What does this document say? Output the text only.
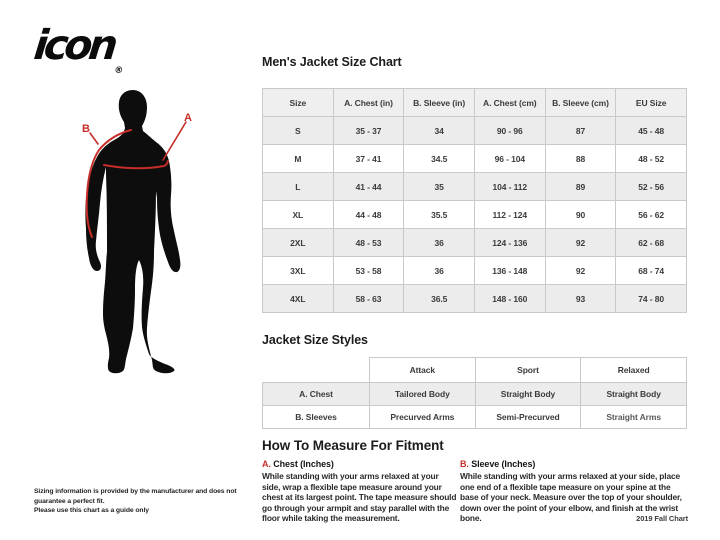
icon$_®$
A
B
Men's Jacket Size Chart
Size	A. Chest (in)	B. Sleeve (in)	A. Chest (cm)	B. Sleeve (cm)	EU Size
S	35 - 37	34	90 - 96	87	45 - 48
M	37 - 41	34.5	96 - 104	88	48 - 52
L	41 - 44	35	104 - 112	89	52 - 56
XL	44 - 48	35.5	112 - 124	90	56 - 62
2XL	48 - 53	36	124 - 136	92	62 - 68
3XL	53 - 58	36	136 - 148	92	68 - 74
4XL	58 - 63	36.5	148 - 160	93	74 - 80
Jacket Size Styles
	Attack	Sport	Relaxed
A. Chest	Tailored Body	Straight Body	Straight Body
B. Sleeves	Precurved Arms	Semi-Precurved	Straight Arms
How To Measure For Fitment
A. Chest (Inches)
While standing with your arms relaxed at your side, wrap a flexible tape measure around your chest at its largest point. The tape measure should go through your armpit and stay parallel with the floor while taking the measurement.
B. Sleeve (Inches)
While standing with your arms relaxed at your side, place one end of a flexible tape measure on your spine at the base of your neck. Measure over the top of your shoulder, down over the point of your elbow, and finish at the wrist bone.
Sizing information is provided by the manufacturer and does not guarantee a perfect fit.
Please use this chart as a guide only
2019 Fall Chart
